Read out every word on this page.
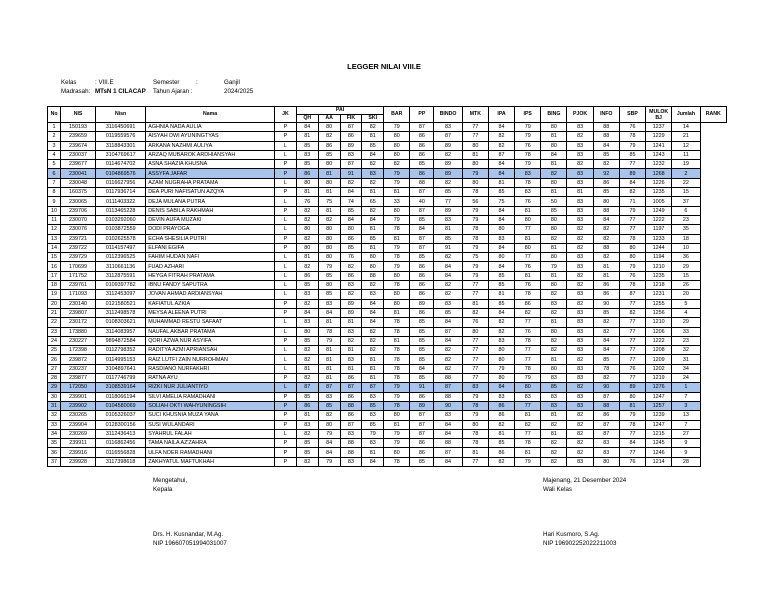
LEGGER NILAI VIII.E
Kelas	: VIII.E	Semester	:	Ganjil
Madrasah: MTsN 1 CILACAP	Tahun Ajaran :	2024/2025
No	NIS	Nisn	Nama	JK	PAI				BAR	PP	BINDO	MTK	IPA	IPS	BING	PJOK	INFO	SBP	MULOK BJ	Jumlah	RANK
					QH	AA	FIK	SKI													
1	150193	3116450691	AGHNIA NADA AULIA	P	84	80	87	82	79	87	83	77	84	79	80	83	88	76	1237	14	
2	239659	0119559576	AISYAH DWI AYUNINGTYAS	P	81	82	86	81	80	86	87	77	82	79	81	82	88	78	1229	21	
3	239674	3118843301	ARKANA NAZHMI AULIYA	L	85	86	89	85	80	86	89	80	82	76	80	83	84	79	1241	12	
4	230037	3104769617	ARZAQ MUBAROK ARDHIANSYAH	L	83	85	83	84	80	86	82	81	87	78	84	83	85	85	1243	11	
5	239677	0114674702	ASNA SHAZIA KHUSNA	P	85	80	87	82	82	85	89	80	84	79	81	82	82	77	1232	19	
6	230041	0104869576	ASSYFA JAFAR	P	86	81	91	83	79	86	89	79	84	83	82	83	92	89	1268	2	
7	230048	0116627956	AZAM NUGRAHA PRATAMA	L	80	80	82	82	79	88	82	80	81	78	80	83	86	84	1226	22	
8	160375	0117936714	DEA PURI NAFISATUN AZQYA	P	81	81	84	81	81	87	85	78	85	83	81	81	85	82	1235	15	
9	230065	0111403322	DEJA MULANA PUTRA	L	76	75	74	65	33	40	77	56	75	76	50	83	80	71	1005	37	
10	239706	0113465228	DENIS SABILA RAKHMAH	P	82	81	85	82	80	87	89	79	84	81	85	83	88	79	1249	6	
11	230070	0103292060	DEVIN AUFA MUZAKI	L	82	82	84	84	79	85	83	79	84	80	80	83	84	77	1222	23	
12	230076	0103872559	DODI PRAYOGA	L	80	80	80	81	78	84	81	78	80	77	80	82	82	77	1197	35	
13	239721	0102625578	ECHA SHESILIA PUTRI	P	82	80	86	85	81	87	85	78	83	81	82	82	82	78	1233	18	
14	239722	0114157497	ELFANI EGIFA	P	80	80	85	81	79	87	91	79	84	80	81	82	88	80	1244	10	
15	239729	0112396525	FAHIM HUDAN NAFI	L	81	80	76	80	78	85	82	75	80	77	80	83	82	80	1194	36	
16	170699	3110661136	FUAD AZHARI	L	82	79	82	80	79	86	84	79	84	76	79	83	81	79	1210	29	
17	171752	3112875591	HEYGA FITRAH PRATAMA	L	86	85	86	88	80	86	84	79	85	81	81	82	81	76	1235	15	
18	239761	0109397782	IBNU FANDY SAPUTRA	L	85	80	83	82	78	86	82	77	85	76	80	82	86	78	1218	26	
19	171093	3112453097	JOVAN AHMAD ARDIANSYAH	L	83	85	82	83	80	86	82	77	81	78	82	83	86	87	1231	20	
20	230140	0121580521	KAFIATUL AZKIA	P	82	83	89	84	80	89	83	81	85	86	83	82	90	77	1255	5	
21	239807	3112498578	MEYSA ALEENA PUTRI	P	84	84	89	84	81	86	85	82	84	82	82	83	85	82	1256	4	
22	230172	0108303621	MUHAMMAD RESTU SAFAAT	L	83	81	81	84	78	85	84	76	82	77	81	83	82	77	1210	29	
23	173880	3114083957	NAUFAL AKBAR PRATAMA	L	80	78	83	82	78	85	87	80	82	76	80	83	82	77	1206	33	
24	230227	9894872584	QORI AZWA NUR ASYIFA	P	85	79	82	82	81	85	84	77	83	78	82	83	84	77	1222	23	
25	172398	0112798352	RADITYA AZMI APRIANSAH	L	82	81	81	82	78	85	82	77	80	77	82	83	84	77	1208	32	
26	239872	0114995153	RAIZ LUTFI ZAIN NURROHMAN	L	82	81	83	81	78	85	82	77	80	77	81	82	85	77	1209	31	
27	230237	3104897641	RASDIANO NURFAKHRI	L	81	81	81	81	78	84	82	77	79	78	80	83	78	76	1202	34	
28	239877	0117746799	RATNA AYU	P	82	81	86	81	78	85	88	77	80	79	83	83	82	77	1219	24	
29	172050	3108539164	RIZKI NUR JULIANTIYO	L	87	87	87	87	79	91	87	83	84	80	85	82	90	89	1276	1	
30	239901	0118066194	SILVI AMELIA RAMADHANI	P	85	83	86	83	79	86	88	79	83	83	83	83	87	80	1247	7	
31	239902	0104580069	SOLIAH OKTI WAHYUNINGSIH	P	86	85	88	85	78	89	90	78	86	77	83	83	88	81	1257	3	
32	230265	0105326037	SUCI KHUSNIA MUZA YANA	P	81	82	86	83	80	87	83	79	86	81	81	82	86	79	1239	13	
33	239904	0128300156	SUSI WULANDARI	P	83	80	87	85	81	87	84	80	82	82	82	82	87	78	1247	7	
34	230269	3112436413	SYAHRUL FALAH	L	82	79	83	79	79	87	84	78	81	77	81	82	87	77	1215	27	
35	239911	0116862456	TAMA NAILA AZ'ZAHRA	P	85	84	88	83	79	86	88	78	85	78	82	82	83	84	1245	9	
36	239916	0116556828	ULFA NOER RAMADHANI	P	85	84	88	81	80	86	87	81	86	81	82	82	83	77	1246	9	
37	239928	3117398618	ZAKHYATUL MAFTUKHAH	P	82	79	83	84	78	85	84	77	82	79	82	83	80	76	1214	28	
Mengetahui,
Kepala
Drs. H. Kusnandar, M.Ag.
NIP 196607051994031007
Majenang, 21 Desember 2024
Wali Kelas
Hari Kusmoro, S.Ag.
NIP 196902252022211003
